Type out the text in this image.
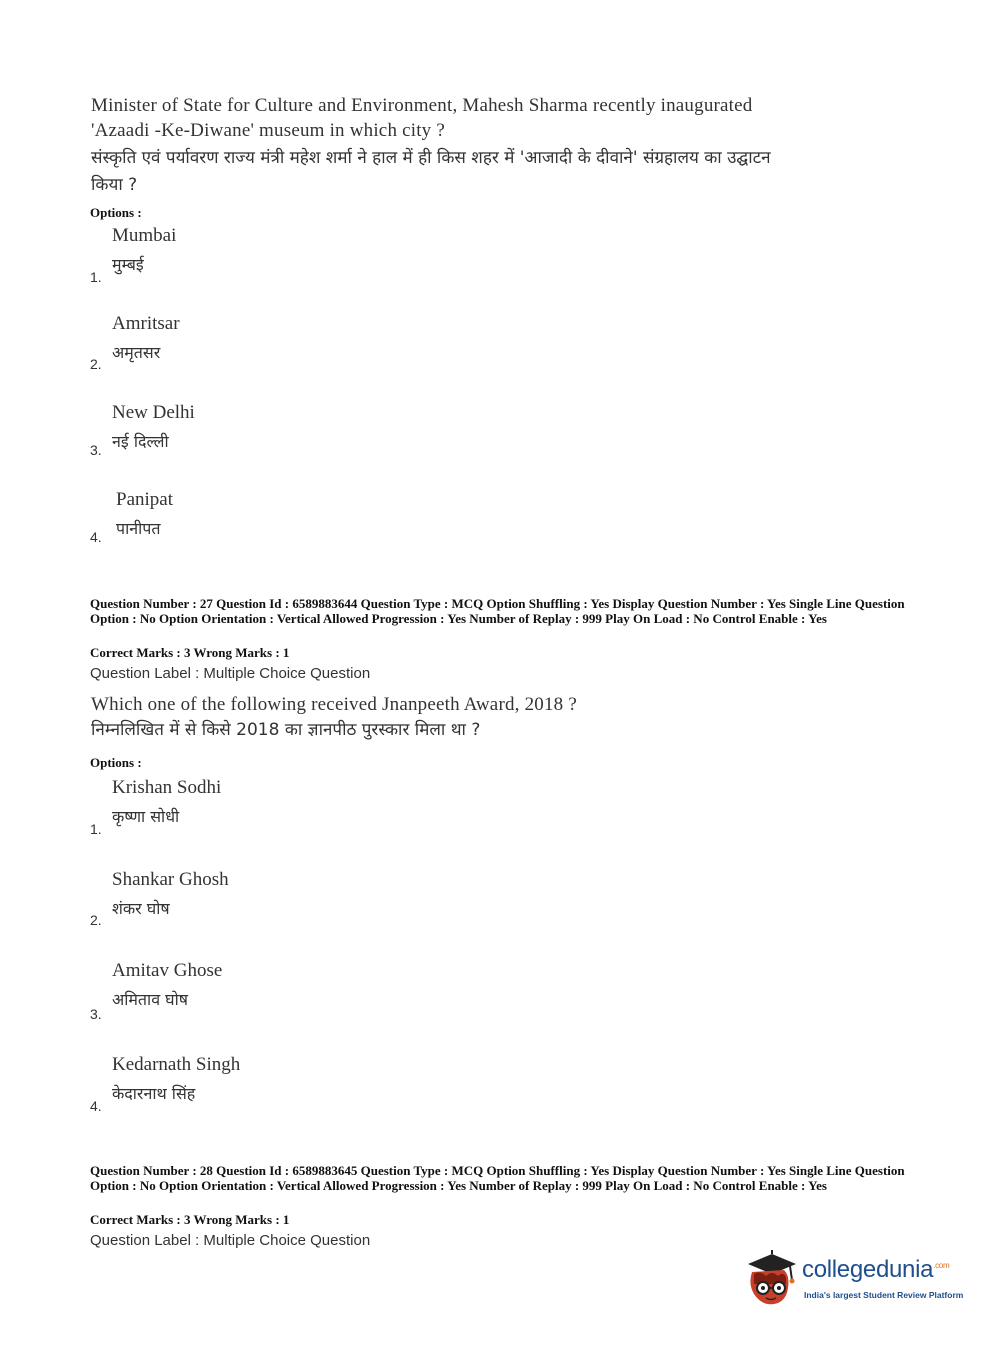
Minister of State for Culture and Environment, Mahesh Sharma recently inaugurated 'Azaadi -Ke-Diwane' museum in which city ?
संस्कृति एवं पर्यावरण राज्य मंत्री महेश शर्मा ने हाल में ही किस शहर में 'आजादी के दीवाने' संग्रहालय का उद्घाटन किया ?
Options :
Mumbai
मुम्बई
1.
Amritsar
अमृतसर
2.
New Delhi
नई दिल्ली
3.
Panipat
पानीपत
4.
Question Number : 27 Question Id : 6589883644 Question Type : MCQ Option Shuffling : Yes Display Question Number : Yes Single Line Question Option : No Option Orientation : Vertical Allowed Progression : Yes Number of Replay : 999 Play On Load : No Control Enable : Yes
Correct Marks : 3 Wrong Marks : 1
Question Label : Multiple Choice Question
Which one of the following received Jnanpeeth Award, 2018 ?
निम्नलिखित में से किसे 2018 का ज्ञानपीठ पुरस्कार मिला था ?
Options :
Krishan Sodhi
कृष्णा सोधी
1.
Shankar Ghosh
शंकर घोष
2.
Amitav Ghose
अमिताव घोष
3.
Kedarnath Singh
केदारनाथ सिंह
4.
Question Number : 28 Question Id : 6589883645 Question Type : MCQ Option Shuffling : Yes Display Question Number : Yes Single Line Question Option : No Option Orientation : Vertical Allowed Progression : Yes Number of Replay : 999 Play On Load : No Control Enable : Yes
Correct Marks : 3 Wrong Marks : 1
Question Label : Multiple Choice Question
collegedunia$^{.com}$
India's largest Student Review Platform
